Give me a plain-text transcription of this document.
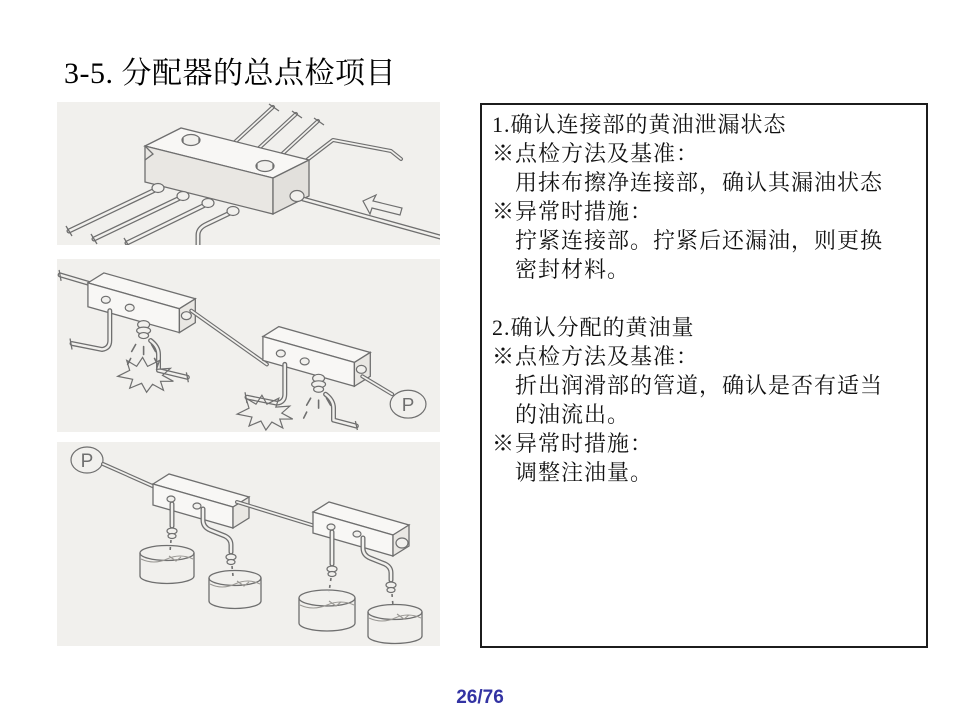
3-5. 分配器的总点检项目
P
P
1.确认连接部的黄油泄漏状态
※点检方法及基准：
　用抹布擦净连接部，确认其漏油状态
※异常时措施：
　拧紧连接部。拧紧后还漏油，则更换
　密封材料。
2.确认分配的黄油量
※点检方法及基准：
　折出润滑部的管道，确认是否有适当
　的油流出。
※异常时措施：
　调整注油量。
26/76
